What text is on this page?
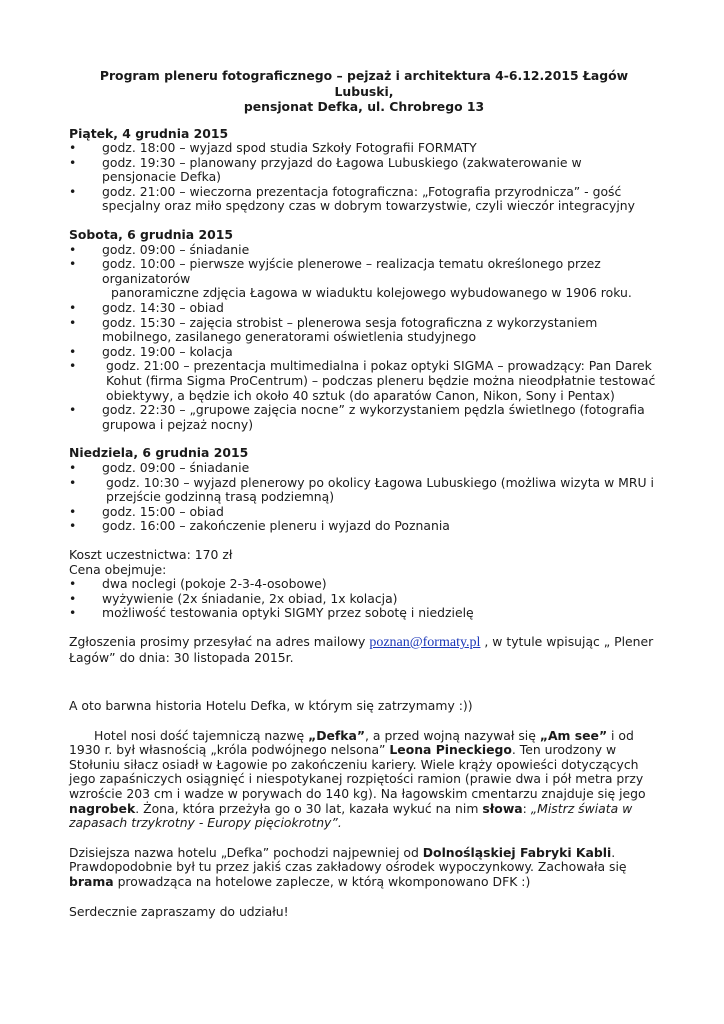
Program pleneru fotograficznego – pejzaż i architektura 4-6.12.2015 Łagów Lubuski,
pensjonat Defka, ul. Chrobrego 13

Piątek, 4 grudnia 2015

• godz. 18:00 – wyjazd spod studia Szkoły Fotografii FORMATY
• godz. 19:30 – planowany przyjazd do Łagowa Lubuskiego (zakwaterowanie w pensjonacie Defka)
• godz. 21:00 – wieczorna prezentacja fotograficzna: „Fotografia przyrodnicza” - gość specjalny oraz miło spędzony czas w dobrym towarzystwie, czyli wieczór integracyjny

Sobota, 6 grudnia 2015

• godz. 09:00 – śniadanie
• godz. 10:00 – pierwsze wyjście plenerowe – realizacja tematu określonego przez organizatorów
panoramiczne zdjęcia Łagowa w wiaduktu kolejowego wybudowanego w 1906 roku.
• godz. 14:30 – obiad
• godz. 15:30 – zajęcia strobist – plenerowa sesja fotograficzna z wykorzystaniem mobilnego, zasilanego generatorami oświetlenia studyjnego
• godz. 19:00 – kolacja
• godz. 21:00 – prezentacja multimedialna i pokaz optyki SIGMA – prowadzący: Pan Darek Kohut (firma Sigma ProCentrum) – podczas pleneru będzie można nieodpłatnie testować obiektywy, a będzie ich około 40 sztuk (do aparatów Canon, Nikon, Sony i Pentax)
• godz. 22:30 – „grupowe zajęcia nocne” z wykorzystaniem pędzla świetlnego (fotografia grupowa i pejzaż nocny)

Niedziela, 6 grudnia 2015

• godz. 09:00 – śniadanie
• godz. 10:30 – wyjazd plenerowy po okolicy Łagowa Lubuskiego (możliwa wizyta w MRU i przejście godzinną trasą podziemną)
• godz. 15:00 – obiad
• godz. 16:00 – zakończenie pleneru i wyjazd do Poznania

Koszt uczestnictwa: 170 zł

Cena obejmuje:

• dwa noclegi (pokoje 2-3-4-osobowe)
• wyżywienie (2x śniadanie, 2x obiad, 1x kolacja)
• możliwość testowania optyki SIGMY przez sobotę i niedzielę

Zgłoszenia prosimy przesyłać na adres mailowy poznan@formaty.pl , w tytule wpisując „ Plener Łagów” do dnia: 30 listopada 2015r.

A oto barwna historia Hotelu Defka, w którym się zatrzymamy :))

Hotel nosi dość tajemniczą nazwę „Defka”, a przed wojną nazywał się „Am see” i od 1930 r. był własnością „króla podwójnego nelsona” Leona Pineckiego. Ten urodzony w Stołuniu siłacz osiadł w Łagowie po zakończeniu kariery. Wiele krąży opowieści dotyczących jego zapaśniczych osiągnięć i niespotykanej rozpiętości ramion (prawie dwa i pół metra przy wzroście 203 cm i wadze w porywach do 140 kg). Na łagowskim cmentarzu znajduje się jego nagrobek. Żona, która przeżyła go o 30 lat, kazała wykuć na nim słowa: „Mistrz świata w zapasach trzykrotny - Europy pięciokrotny”.

Dzisiejsza nazwa hotelu „Defka” pochodzi najpewniej od Dolnośląskiej Fabryki Kabli. Prawdopodobnie był tu przez jakiś czas zakładowy ośrodek wypoczynkowy. Zachowała się brama prowadząca na hotelowe zaplecze, w którą wkomponowano DFK :)

Serdecznie zapraszamy do udziału!
